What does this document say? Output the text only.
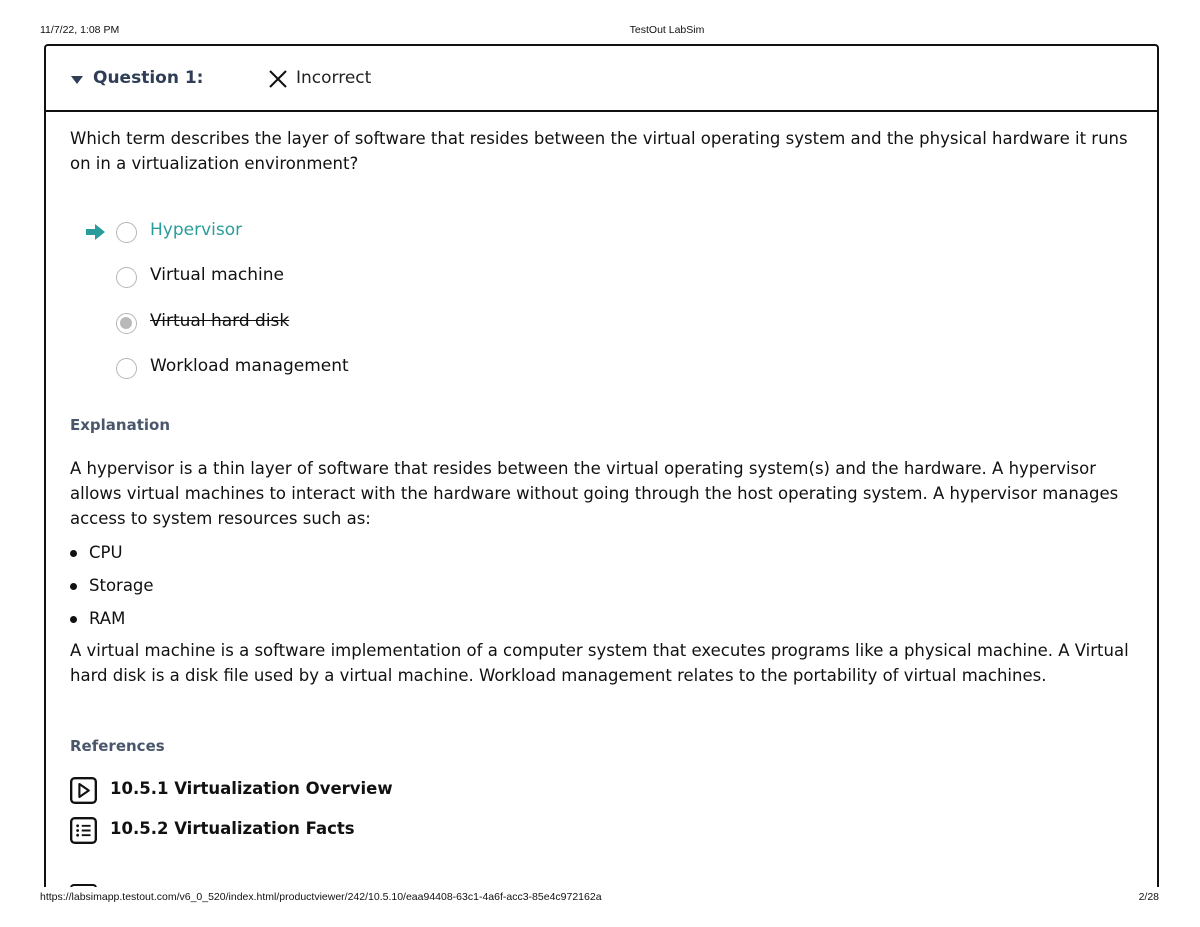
11/7/22, 1:08 PM	TestOut LabSim
Question 1:	Incorrect
Which term describes the layer of software that resides between the virtual operating system and the physical hardware it runs on in a virtualization environment?
Hypervisor
Virtual machine
Virtual hard disk
Workload management
Explanation
A hypervisor is a thin layer of software that resides between the virtual operating system(s) and the hardware. A hypervisor allows virtual machines to interact with the hardware without going through the host operating system. A hypervisor manages access to system resources such as:
CPU
Storage
RAM
A virtual machine is a software implementation of a computer system that executes programs like a physical machine. A Virtual hard disk is a disk file used by a virtual machine. Workload management relates to the portability of virtual machines.
References
10.5.1 Virtualization Overview
10.5.2 Virtualization Facts
https://labsimapp.testout.com/v6_0_520/index.html/productviewer/242/10.5.10/eaa94408-63c1-4a6f-acc3-85e4c972162a	2/28
